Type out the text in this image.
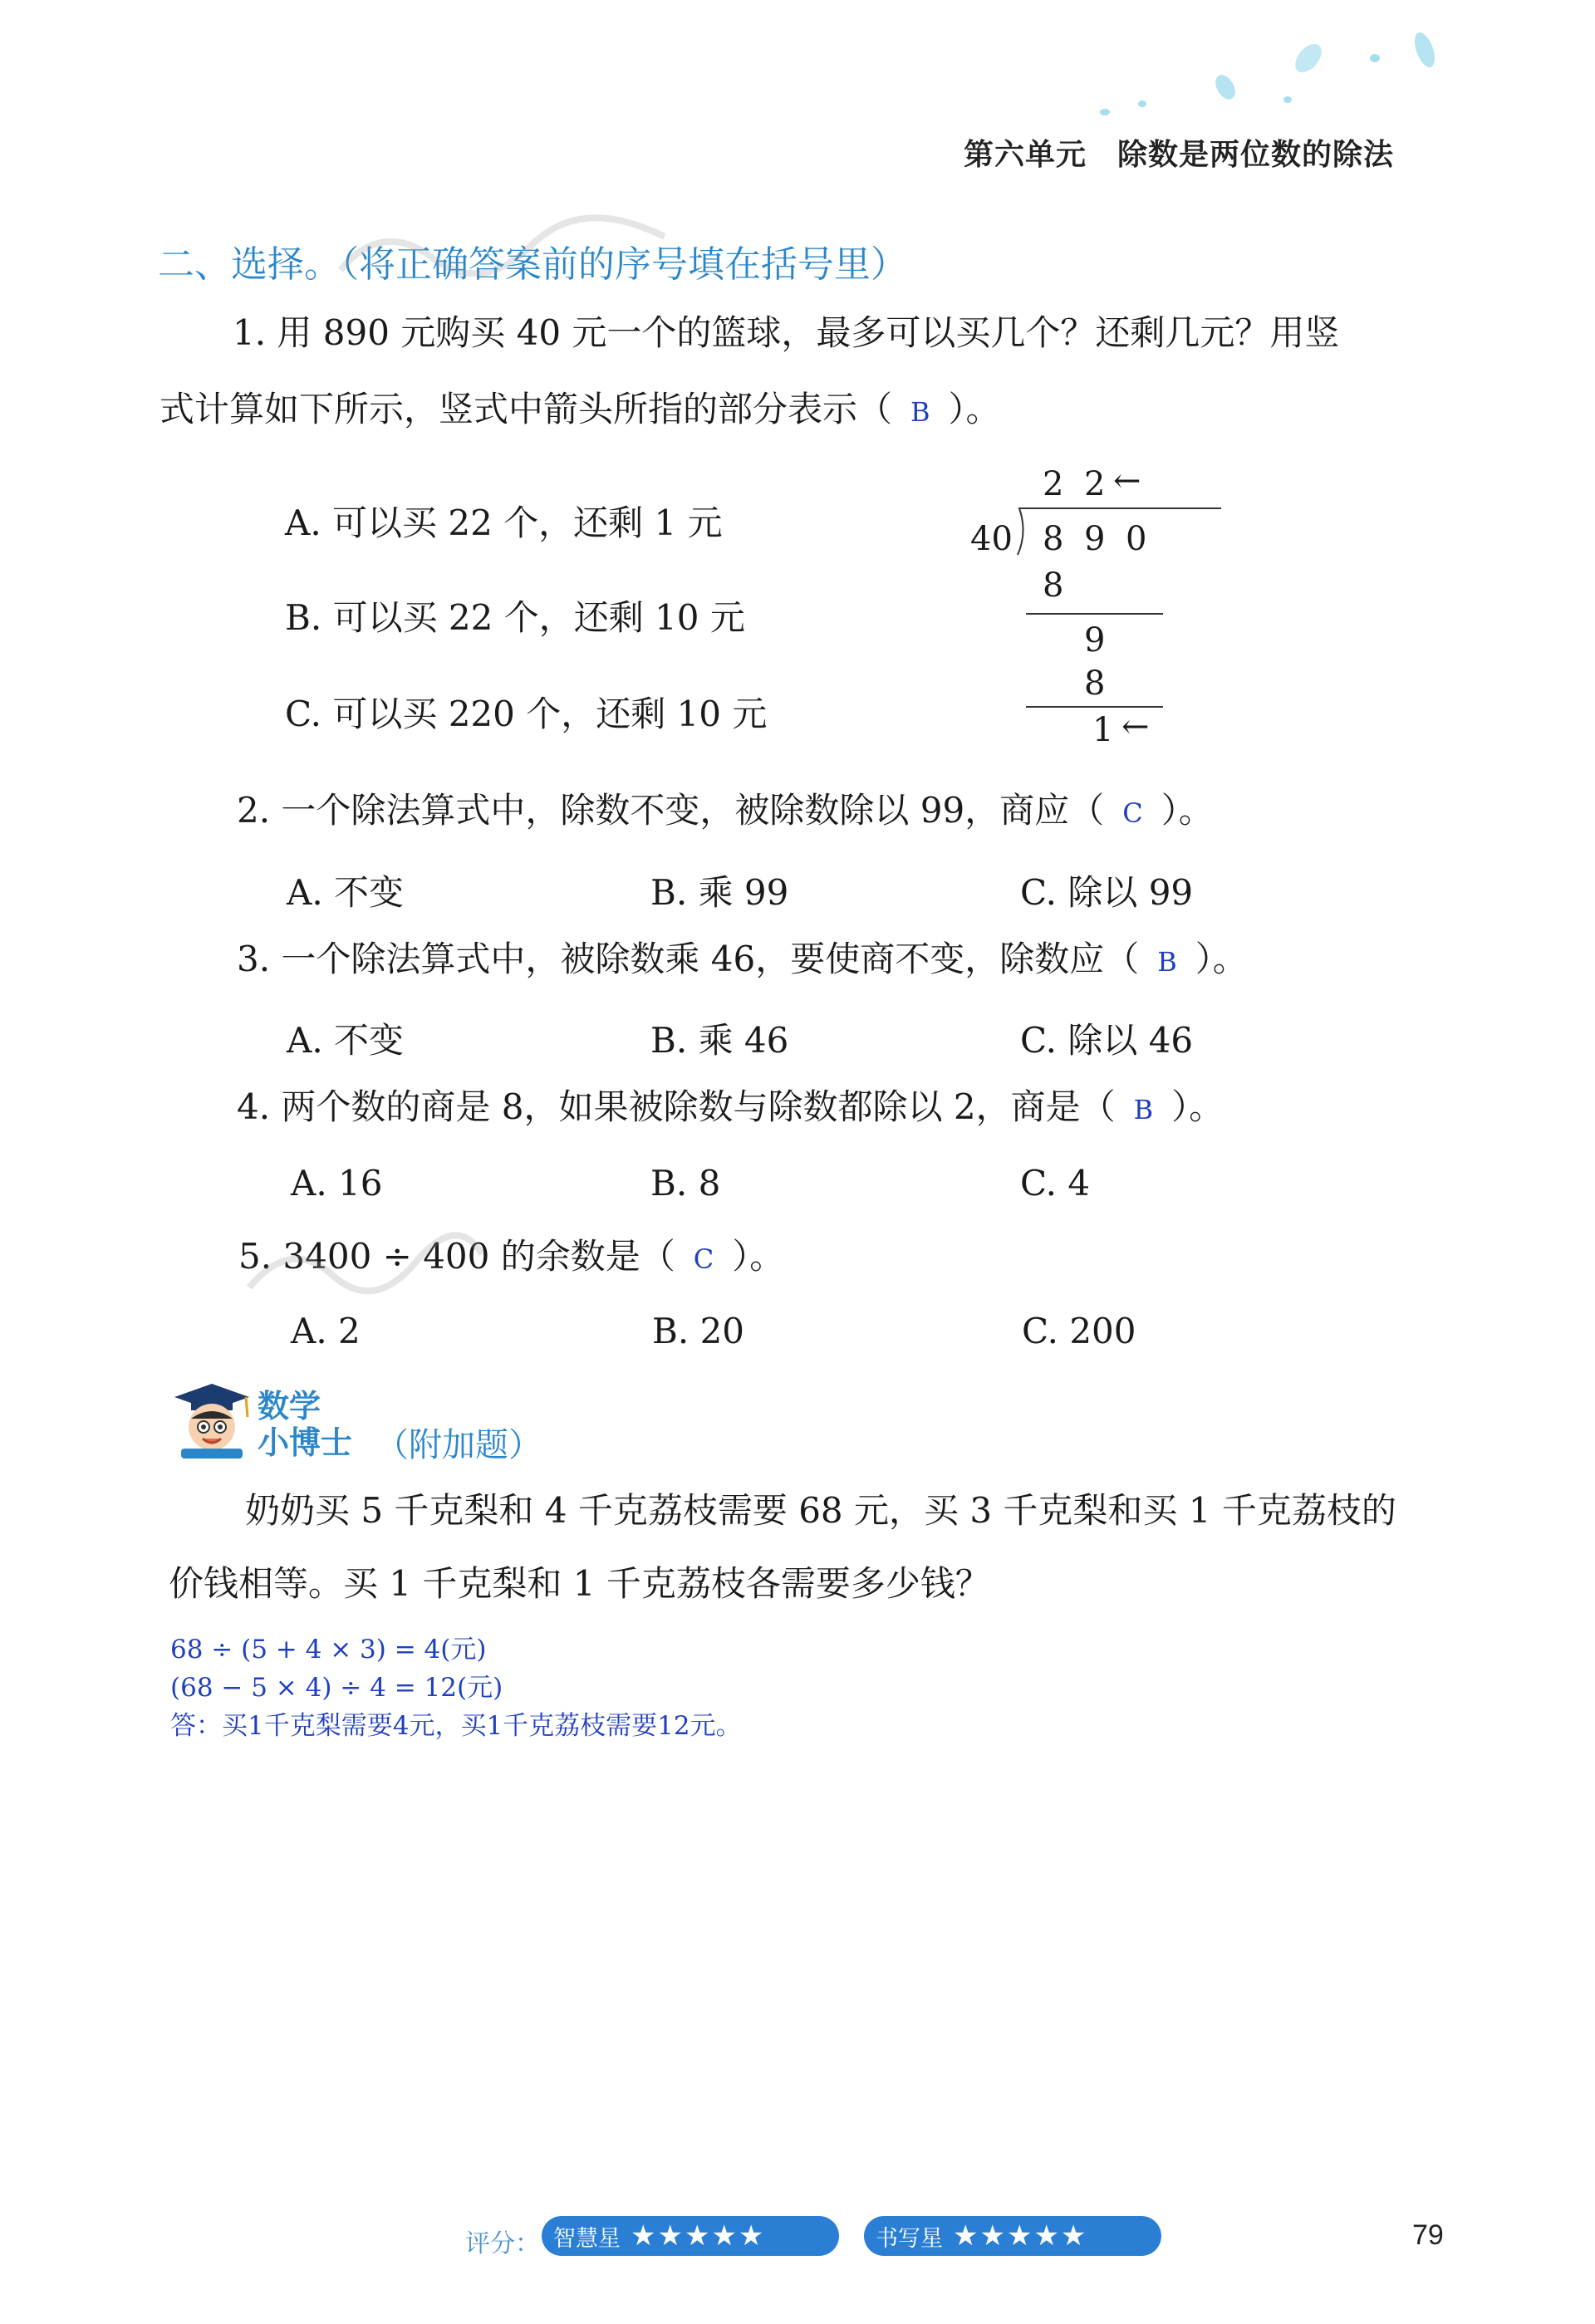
第六单元　除数是两位数的除法
二、选择。（将正确答案前的序号填在括号里）
1. 用 890 元购买 40 元一个的篮球，最多可以买几个？还剩几元？用竖
式计算如下所示，竖式中箭头所指的部分表示（ B ）。
A. 可以买 22 个，还剩 1 元
B. 可以买 22 个，还剩 10 元
C. 可以买 220 个，还剩 10 元
2 2 ←
40 8 9 0
8
9
8
1 ←
2. 一个除法算式中，除数不变，被除数除以 99，商应（ C ）。
A. 不变	B. 乘 99	C. 除以 99
3. 一个除法算式中，被除数乘 46，要使商不变，除数应（ B ）。
A. 不变	B. 乘 46	C. 除以 46
4. 两个数的商是 8，如果被除数与除数都除以 2，商是（ B ）。
A. 16	B. 8	C. 4
5. 3400 ÷ 400 的余数是（ C ）。
A. 2	B. 20	C. 200
数学
小博士 （附加题）
奶奶买 5 千克梨和 4 千克荔枝需要 68 元，买 3 千克梨和买 1 千克荔枝的
价钱相等。买 1 千克梨和 1 千克荔枝各需要多少钱？
68 ÷ (5 + 4 × 3) = 4(元)
(68 − 5 × 4) ÷ 4 = 12(元)
答：买1千克梨需要4元，买1千克荔枝需要12元。
评分： 智慧星 ★★★★★	书写星 ★★★★★	79
